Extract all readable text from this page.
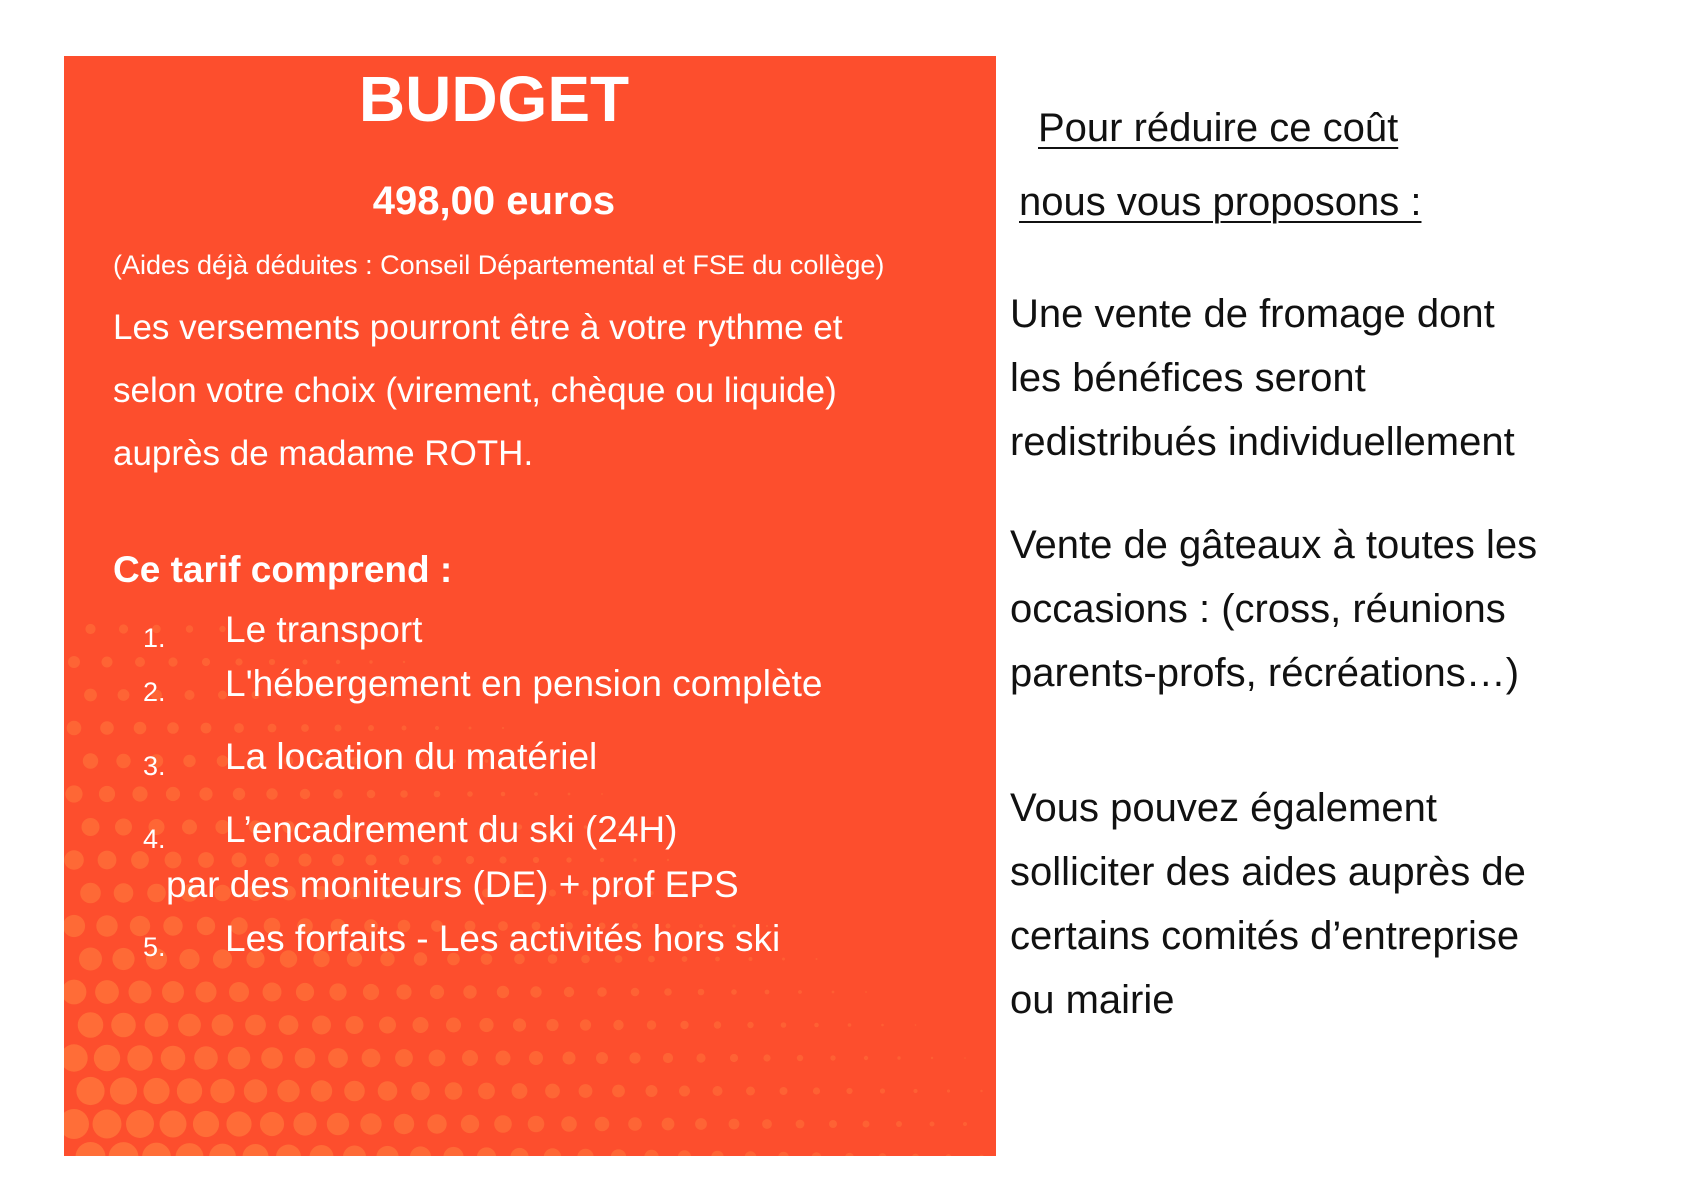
BUDGET
498,00 euros
(Aides déjà déduites : Conseil Départemental et FSE du collège)
Les versements pourront être à votre rythme et
selon votre choix (virement, chèque ou liquide)
auprès de madame ROTH.
Ce tarif comprend :
1. Le transport
2. L'hébergement en pension complète
3. La location du matériel
4. L’encadrement du ski (24H)
par des moniteurs (DE) + prof EPS
5. Les forfaits - Les activités hors ski
Pour réduire ce coût
nous vous proposons :
Une vente de fromage dont
les bénéfices seront
redistribués individuellement
Vente de gâteaux à toutes les
occasions : (cross, réunions
parents-profs, récréations…)
Vous pouvez également
solliciter des aides auprès de
certains comités d’entreprise
ou mairie
